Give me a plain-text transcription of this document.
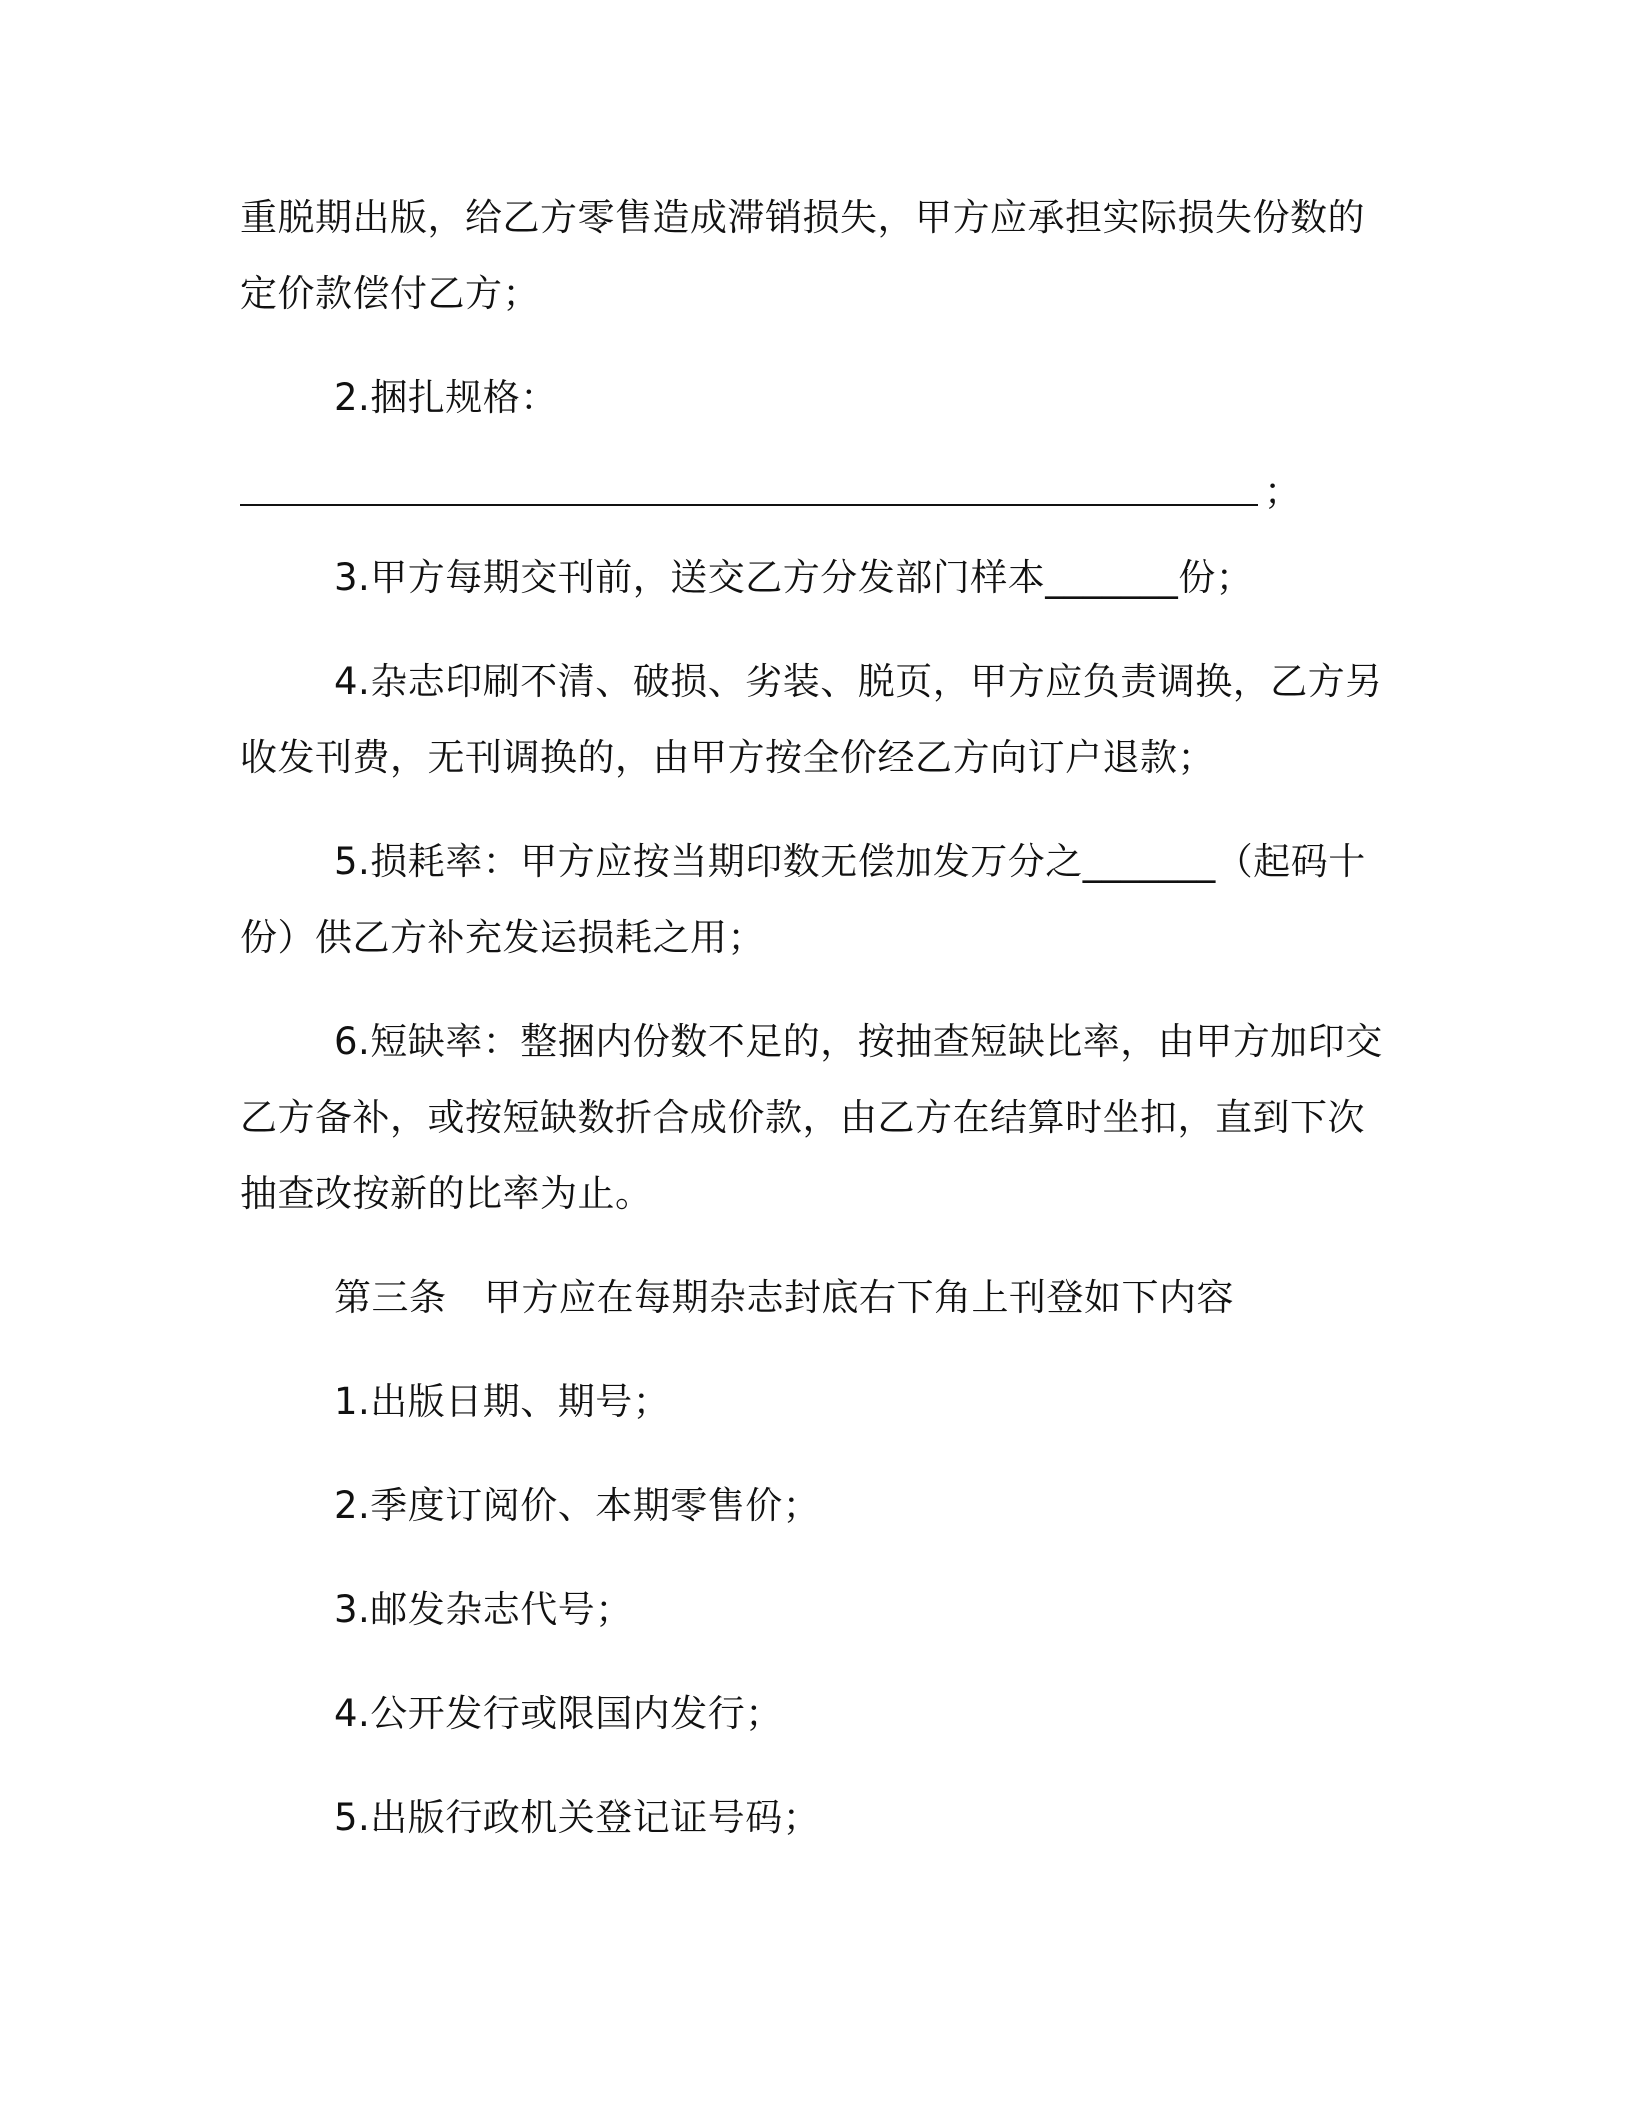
重脱期出版，给乙方零售造成滞销损失，甲方应承担实际损失份数的
定价款偿付乙方；
2.捆扎规格：
；
3.甲方每期交刊前，送交乙方分发部门样本_______份；
4.杂志印刷不清、破损、劣装、脱页，甲方应负责调换，乙方另
收发刊费，无刊调换的，由甲方按全价经乙方向订户退款；
5.损耗率：甲方应按当期印数无偿加发万分之_______（起码十
份）供乙方补充发运损耗之用；
6.短缺率：整捆内份数不足的，按抽查短缺比率，由甲方加印交
乙方备补，或按短缺数折合成价款，由乙方在结算时坐扣，直到下次
抽查改按新的比率为止。
第三条　甲方应在每期杂志封底右下角上刊登如下内容
1.出版日期、期号；
2.季度订阅价、本期零售价；
3.邮发杂志代号；
4.公开发行或限国内发行；
5.出版行政机关登记证号码；
